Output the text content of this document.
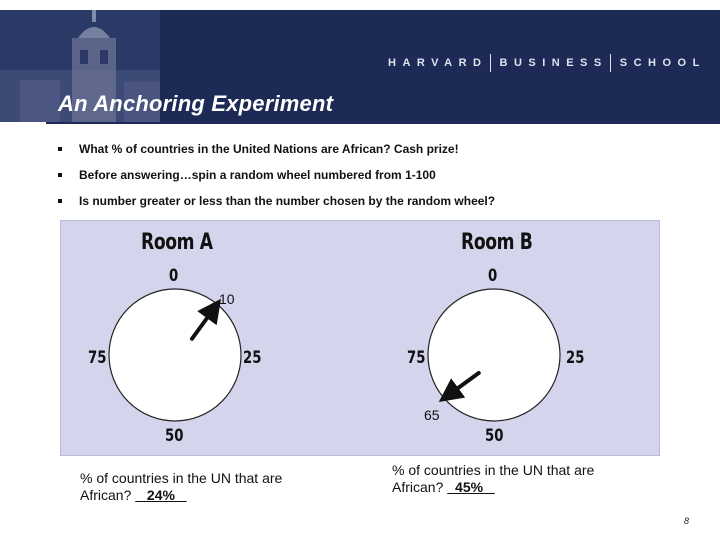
HARVARD BUSINESS SCHOOL
An Anchoring Experiment
What % of countries in the United Nations are African? Cash prize!
Before answering…spin a random wheel numbered from 1-100
Is number greater or less than the number chosen by the random wheel?
Room A	Room B
0
25
50
75
10
0
25
50
75
65
% of countries in the UN that are African?    24%
% of countries in the UN that are African?   45%
8
